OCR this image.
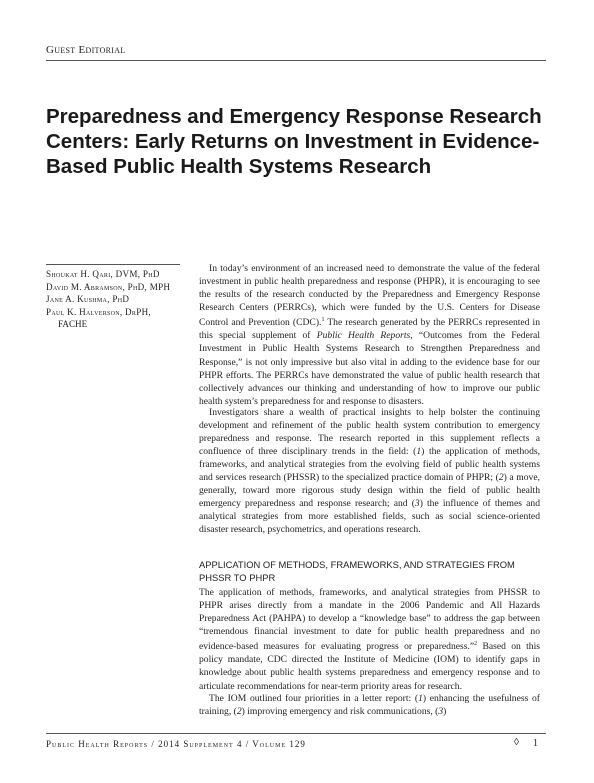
Guest Editorial
Preparedness and Emergency Response Research Centers: Early Returns on Investment in Evidence-Based Public Health Systems Research
Shoukat H. Qari, DVM, PhD
David M. Abramson, PhD, MPH
Jane A. Kushma, PhD
Paul K. Halverson, DrPH,
FACHE

In today’s environment of an increased need to demonstrate the value of the federal investment in public health preparedness and response (PHPR), it is encouraging to see the results of the research conducted by the Preparedness and Emergency Response Research Centers (PERRCs), which were funded by the U.S. Centers for Disease Control and Prevention (CDC).$^1$ The research generated by the PERRCs represented in this special supplement of Public Health Reports, “Outcomes from the Federal Investment in Public Health Systems Research to Strengthen Preparedness and Response,” is not only impressive but also vital in adding to the evidence base for our PHPR efforts. The PERRCs have demonstrated the value of public health research that collectively advances our thinking and understanding of how to improve our public health system’s preparedness for and response to disasters.

Investigators share a wealth of practical insights to help bolster the continuing development and refinement of the public health system contribution to emergency preparedness and response. The research reported in this supplement reflects a confluence of three disciplinary trends in the field: (1) the application of methods, frameworks, and analytical strategies from the evolving field of public health systems and services research (PHSSR) to the specialized practice domain of PHPR; (2) a move, generally, toward more rigorous study design within the field of public health emergency preparedness and response research; and (3) the influence of themes and analytical strategies from more established fields, such as social science-oriented disaster research, psychometrics, and operations research.

APPLICATION OF METHODS, FRAMEWORKS, AND STRATEGIES FROM PHSSR TO PHPR

The application of methods, frameworks, and analytical strategies from PHSSR to PHPR arises directly from a mandate in the 2006 Pandemic and All Hazards Preparedness Act (PAHPA) to develop a “knowledge base” to address the gap between “tremendous financial investment to date for public health preparedness and no evidence-based measures for evaluating progress or preparedness.”$^2$ Based on this policy mandate, CDC directed the Institute of Medicine (IOM) to identify gaps in knowledge about public health systems preparedness and emergency response and to articulate recommendations for near-term priority areas for research.

The IOM outlined four priorities in a letter report: (1) enhancing the usefulness of training, (2) improving emergency and risk communications, (3)

Public Health Reports / 2014 Supplement 4 / Volume 129	◊ 1
